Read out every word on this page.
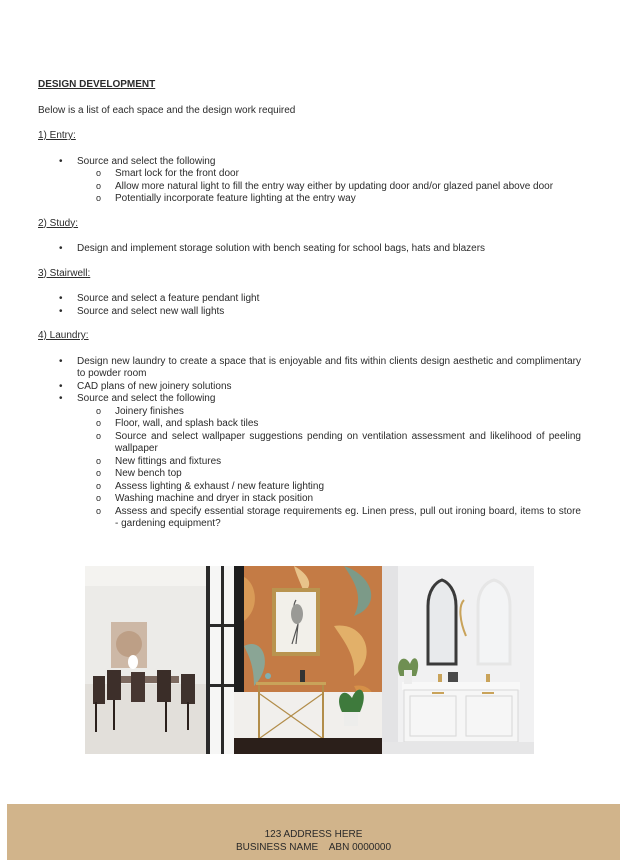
DESIGN DEVELOPMENT
Below is a list of each space and the design work required
1) Entry:
• Source and select the following
o Smart lock for the front door
o Allow more natural light to fill the entry way either by updating door and/or glazed panel above door
o Potentially incorporate feature lighting at the entry way
2) Study:
• Design and implement storage solution with bench seating for school bags, hats and blazers
3) Stairwell:
• Source and select a feature pendant light
• Source and select new wall lights
4) Laundry:
• Design new laundry to create a space that is enjoyable and fits within clients design aesthetic and complimentary to powder room
• CAD plans of new joinery solutions
• Source and select the following
o Joinery finishes
o Floor, wall, and splash back tiles
o Source and select wallpaper suggestions pending on ventilation assessment and likelihood of peeling wallpaper
o New fittings and fixtures
o New bench top
o Assess lighting & exhaust / new feature lighting
o Washing machine and dryer in stack position
o Assess and specify essential storage requirements eg. Linen press, pull out ironing board, items to store - gardening equipment?
123 ADDRESS HERE
BUSINESS NAME    ABN 0000000
